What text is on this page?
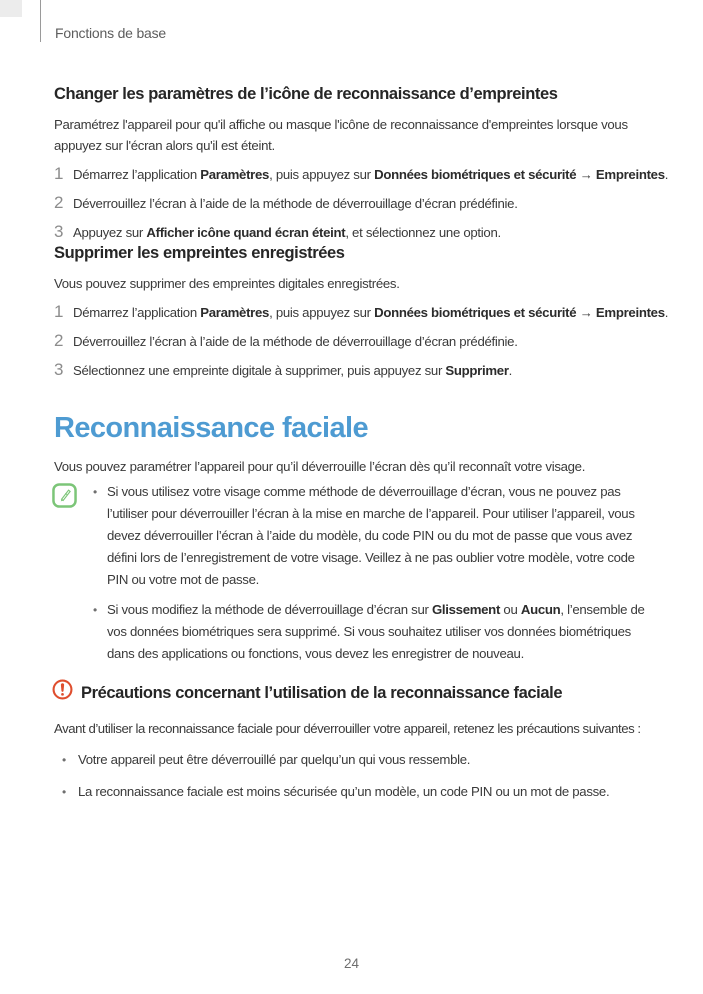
Fonctions de base
Changer les paramètres de l’icône de reconnaissance d’empreintes

Paramétrez l'appareil pour qu'il affiche ou masque l'icône de reconnaissance d'empreintes lorsque vous appuyez sur l'écran alors qu'il est éteint.

1 Démarrez l’application Paramètres, puis appuyez sur Données biométriques et sécurité → Empreintes.
2 Déverrouillez l’écran à l’aide de la méthode de déverrouillage d’écran prédéfinie.
3 Appuyez sur Afficher icône quand écran éteint, et sélectionnez une option.
Supprimer les empreintes enregistrées

Vous pouvez supprimer des empreintes digitales enregistrées.

1 Démarrez l’application Paramètres, puis appuyez sur Données biométriques et sécurité → Empreintes.
2 Déverrouillez l’écran à l’aide de la méthode de déverrouillage d’écran prédéfinie.
3 Sélectionnez une empreinte digitale à supprimer, puis appuyez sur Supprimer.
Reconnaissance faciale

Vous pouvez paramétrer l’appareil pour qu’il déverrouille l’écran dès qu’il reconnaît votre visage.

• Si vous utilisez votre visage comme méthode de déverrouillage d’écran, vous ne pouvez pas l’utiliser pour déverrouiller l’écran à la mise en marche de l’appareil. Pour utiliser l’appareil, vous devez déverrouiller l’écran à l’aide du modèle, du code PIN ou du mot de passe que vous avez défini lors de l’enregistrement de votre visage. Veillez à ne pas oublier votre modèle, votre code PIN ou votre mot de passe.
• Si vous modifiez la méthode de déverrouillage d’écran sur Glissement ou Aucun, l’ensemble de vos données biométriques sera supprimé. Si vous souhaitez utiliser vos données biométriques dans des applications ou fonctions, vous devez les enregistrer de nouveau.
Précautions concernant l’utilisation de la reconnaissance faciale

Avant d’utiliser la reconnaissance faciale pour déverrouiller votre appareil, retenez les précautions suivantes :

• Votre appareil peut être déverrouillé par quelqu’un qui vous ressemble.
• La reconnaissance faciale est moins sécurisée qu’un modèle, un code PIN ou un mot de passe.
24
